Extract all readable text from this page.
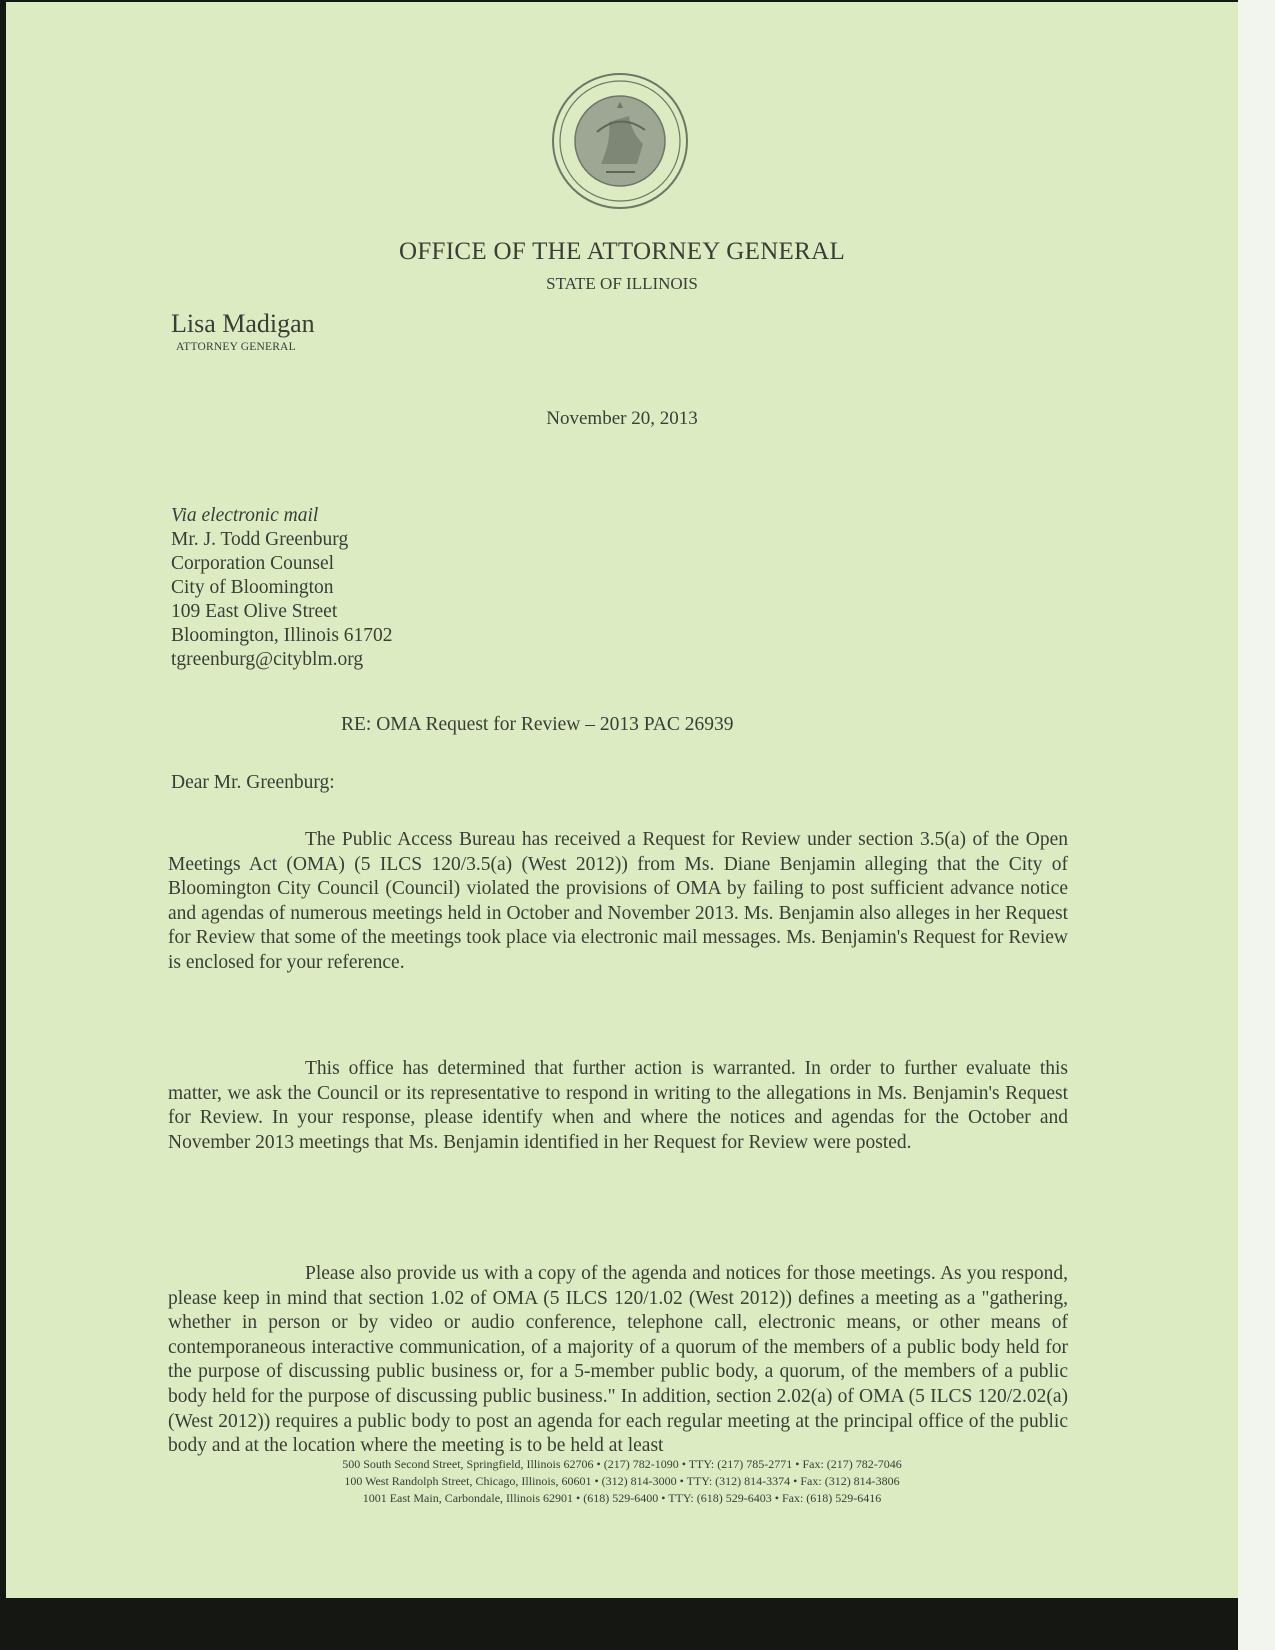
OFFICE OF THE ATTORNEY GENERAL
STATE OF ILLINOIS
Lisa Madigan
ATTORNEY GENERAL
November 20, 2013
Via electronic mail
Mr. J. Todd Greenburg
Corporation Counsel
City of Bloomington
109 East Olive Street
Bloomington, Illinois 61702
tgreenburg@cityblm.org
RE: OMA Request for Review – 2013 PAC 26939
Dear Mr. Greenburg:
The Public Access Bureau has received a Request for Review under section 3.5(a) of the Open Meetings Act (OMA) (5 ILCS 120/3.5(a) (West 2012)) from Ms. Diane Benjamin alleging that the City of Bloomington City Council (Council) violated the provisions of OMA by failing to post sufficient advance notice and agendas of numerous meetings held in October and November 2013. Ms. Benjamin also alleges in her Request for Review that some of the meetings took place via electronic mail messages. Ms. Benjamin's Request for Review is enclosed for your reference.
This office has determined that further action is warranted. In order to further evaluate this matter, we ask the Council or its representative to respond in writing to the allegations in Ms. Benjamin's Request for Review. In your response, please identify when and where the notices and agendas for the October and November 2013 meetings that Ms. Benjamin identified in her Request for Review were posted.
Please also provide us with a copy of the agenda and notices for those meetings. As you respond, please keep in mind that section 1.02 of OMA (5 ILCS 120/1.02 (West 2012)) defines a meeting as a "gathering, whether in person or by video or audio conference, telephone call, electronic means, or other means of contemporaneous interactive communication, of a majority of a quorum of the members of a public body held for the purpose of discussing public business or, for a 5-member public body, a quorum, of the members of a public body held for the purpose of discussing public business." In addition, section 2.02(a) of OMA (5 ILCS 120/2.02(a) (West 2012)) requires a public body to post an agenda for each regular meeting at the principal office of the public body and at the location where the meeting is to be held at least
500 South Second Street, Springfield, Illinois 62706 • (217) 782-1090 • TTY: (217) 785-2771 • Fax: (217) 782-7046
100 West Randolph Street, Chicago, Illinois, 60601 • (312) 814-3000 • TTY: (312) 814-3374 • Fax: (312) 814-3806
1001 East Main, Carbondale, Illinois 62901 • (618) 529-6400 • TTY: (618) 529-6403 • Fax: (618) 529-6416
